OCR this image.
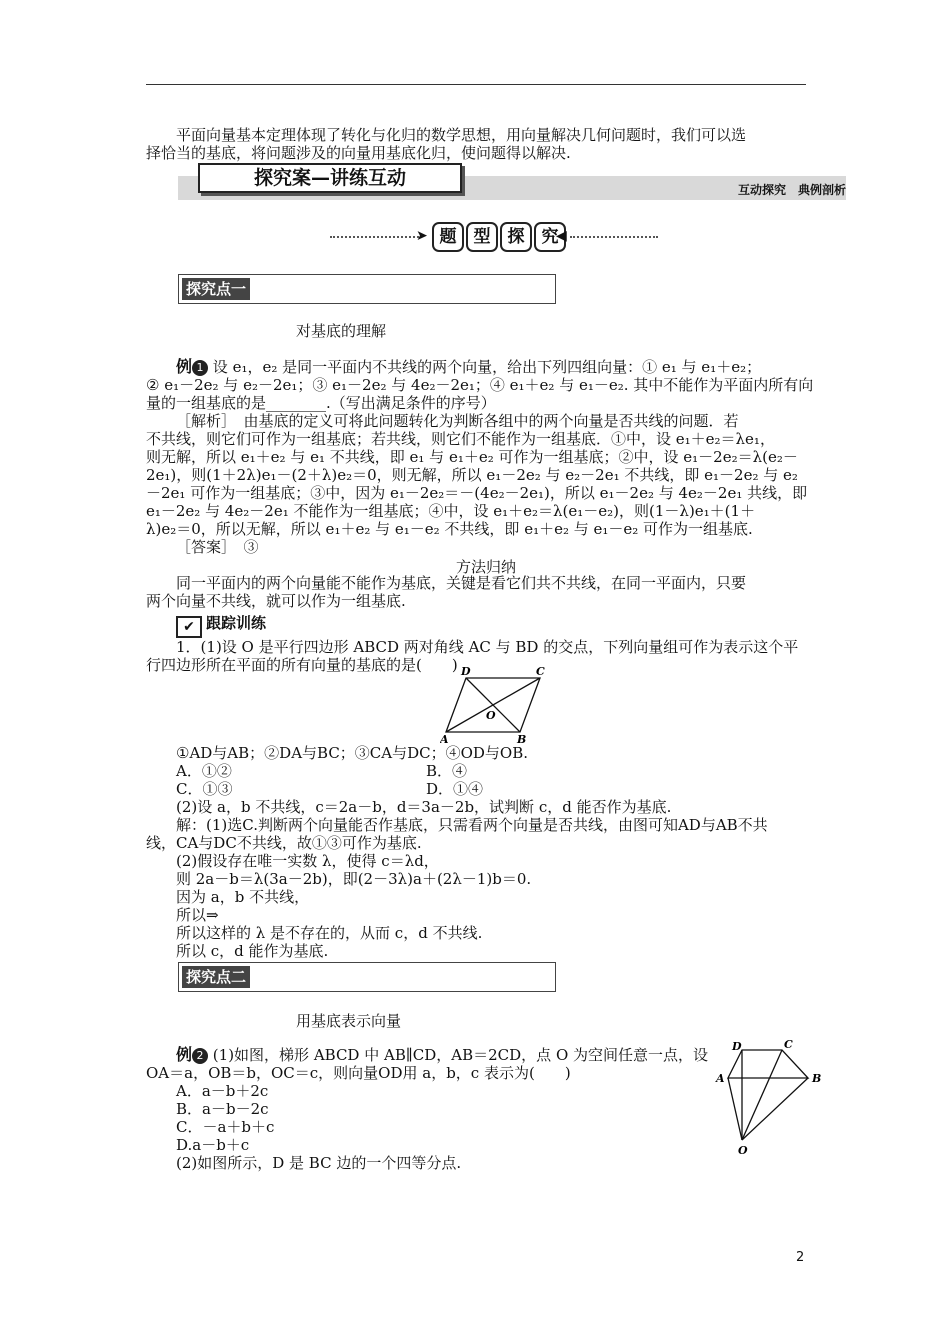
平面向量基本定理体现了转化与化归的数学思想，用向量解决几何问题时，我们可以选
择恰当的基底，将问题涉及的向量用基底化归，使问题得以解决.
探究案—讲练互动
互动探究　典例剖析
➤ 题	型	探	究
◀
探究点一
对基底的理解
例 1 设 e₁，e₂ 是同一平面内不共线的两个向量，给出下列四组向量：① e₁ 与 e₁＋e₂；
② e₁－2e₂ 与 e₂－2e₁；③ e₁－2e₂ 与 4e₂－2e₁；④ e₁＋e₂ 与 e₁－e₂. 其中不能作为平面内所有向
量的一组基底的是________.（写出满足条件的序号）
［解析］　由基底的定义可将此问题转化为判断各组中的两个向量是否共线的问题．若
不共线，则它们可作为一组基底；若共线，则它们不能作为一组基底．①中，设 e₁＋e₂＝λe₁，
则无解，所以 e₁＋e₂ 与 e₁ 不共线，即 e₁ 与 e₁＋e₂ 可作为一组基底；②中，设 e₁－2e₂＝λ(e₂－
2e₁)，则(1＋2λ)e₁－(2＋λ)e₂＝0，则无解，所以 e₁－2e₂ 与 e₂－2e₁ 不共线，即 e₁－2e₂ 与 e₂
－2e₁ 可作为一组基底；③中，因为 e₁－2e₂＝－(4e₂－2e₁)，所以 e₁－2e₂ 与 4e₂－2e₁ 共线，即
e₁－2e₂ 与 4e₂－2e₁ 不能作为一组基底；④中，设 e₁＋e₂＝λ(e₁－e₂)，则(1－λ)e₁＋(1＋
λ)e₂＝0，所以无解，所以 e₁＋e₂ 与 e₁－e₂ 不共线，即 e₁＋e₂ 与 e₁－e₂ 可作为一组基底.
［答案］　③
方法归纳
同一平面内的两个向量能不能作为基底，关键是看它们共不共线，在同一平面内，只要
两个向量不共线，就可以作为一组基底.
✔ 跟踪训练
1．(1)设 O 是平行四边形 ABCD 两对角线 AC 与 BD 的交点，下列向量组可作为表示这个平
行四边形所在平面的所有向量的基底的是(　　) D	C
O
A	B
①AD与AB；②DA与BC；③CA与DC；④OD与OB.
A．①②	B．④
C．①③	D．①④
(2)设 a，b 不共线，c＝2a－b，d＝3a－2b，试判断 c，d 能否作为基底.
解：(1)选C.判断两个向量能否作基底，只需看两个向量是否共线，由图可知AD与AB不共
线，CA与DC不共线，故①③可作为基底.
(2)假设存在唯一实数 λ，使得 c＝λd，
则 2a－b＝λ(3a－2b)，即(2－3λ)a＋(2λ－1)b＝0.
因为 a，b 不共线，
所以⇒
所以这样的 λ 是不存在的，从而 c，d 不共线.
所以 c，d 能作为基底.
探究点二
用基底表示向量
例 2 (1)如图，梯形 ABCD 中 AB∥CD，AB＝2CD，点 O 为空间任意一点，设
OA＝a，OB＝b，OC＝c，则向量OD用 a，b，c 表示为(　　)
A．a－b＋2c
B．a－b－2c
C．－a＋b＋c
D.a－b＋c
(2)如图所示，D 是 BC 边的一个四等分点.
D	C
A	B
O
2
